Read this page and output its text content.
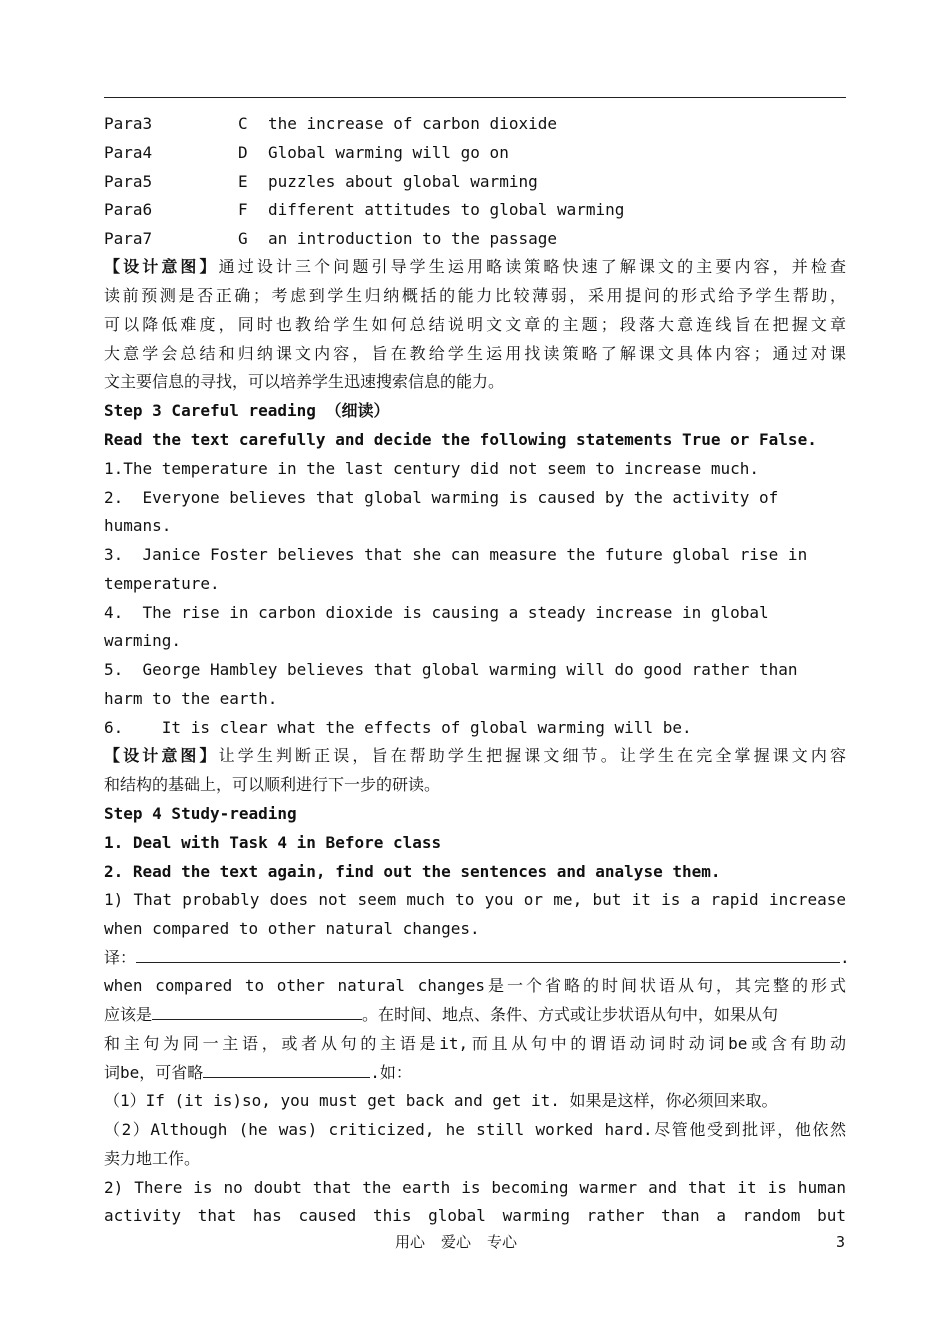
Para3	C the increase of carbon dioxide
Para4	D Global warming will go on
Para5	E puzzles about global warming
Para6	F different attitudes to global warming
Para7	G an introduction to the passage
【设计意图】通过设计三个问题引导学生运用略读策略快速了解课文的主要内容，并检查
读前预测是否正确；考虑到学生归纳概括的能力比较薄弱，采用提问的形式给予学生帮助，
可以降低难度，同时也教给学生如何总结说明文文章的主题；段落大意连线旨在把握文章
大意学会总结和归纳课文内容，旨在教给学生运用找读策略了解课文具体内容；通过对课
文主要信息的寻找，可以培养学生迅速搜索信息的能力。
Step 3 Careful reading （细读）
Read the text carefully and decide the following statements True or False.
1.The temperature in the last century did not seem to increase much.
2.  Everyone believes that global warming is caused by the activity of
humans.
3.  Janice Foster believes that she can measure the future global rise in
temperature.
4.  The rise in carbon dioxide is causing a steady increase in global
warming.
5.  George Hambley believes that global warming will do good rather than
harm to the earth.
6.    It is clear what the effects of global warming will be.
【设计意图】让学生判断正误，旨在帮助学生把握课文细节。让学生在完全掌握课文内容
和结构的基础上，可以顺利进行下一步的研读。
Step 4 Study-reading
1. Deal with Task 4 in Before class
2. Read the text again, find out the sentences and analyse them.
1) That probably does not seem much to you or me, but it is a rapid increase
when compared to other natural changes.
译：	.
when compared to other natural changes是一个省略的时间状语从句，其完整的形式
应该是	。在时间、地点、条件、方式或让步状语从句中，如果从句
和主句为同一主语，或者从句的主语是it,而且从句中的谓语动词时动词be或含有助动
词be，可省略	.如：
（1）If (it is)so, you must get back and get it. 如果是这样，你必须回来取。
（2）Although (he was) criticized, he still worked hard.尽管他受到批评，他依然
卖力地工作。
2) There is no doubt that the earth is becoming warmer and that it is human
activity that has caused this global warming rather than a random but
用心 爱心 专心	3
